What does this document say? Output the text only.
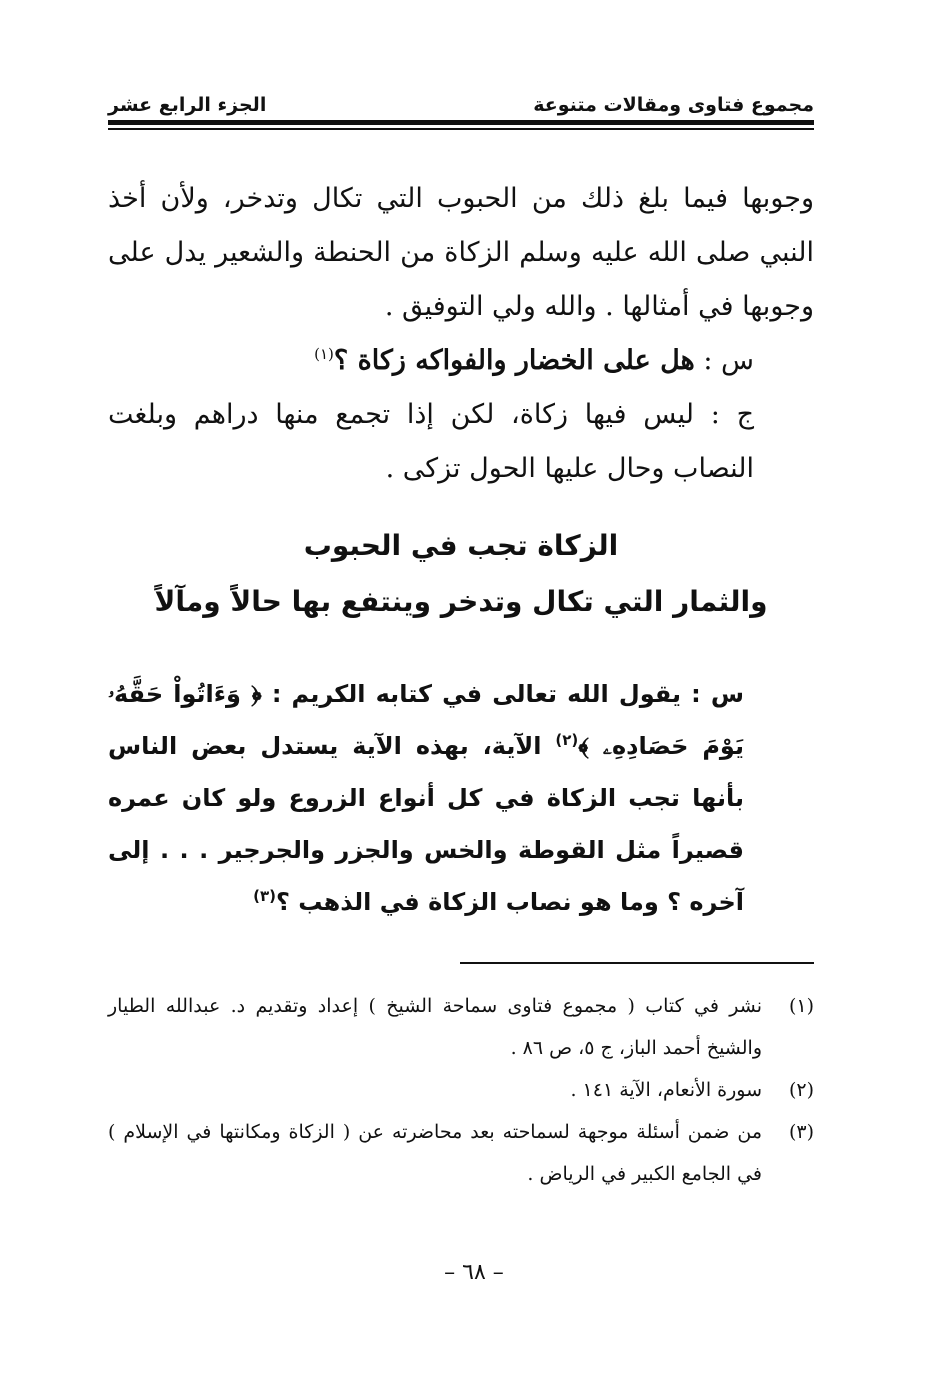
الجزء الرابع عشر	مجموع فتاوى ومقالات متنوعة

وجوبها فيما بلغ ذلك من الحبوب التي تكال وتدخر، ولأن أخذ النبي صلى الله عليه وسلم الزكاة من الحنطة والشعير يدل على وجوبها في أمثالها . والله ولي التوفيق .

س : هل على الخضار والفواكه زكاة ؟$^{(١)}$

ج : ليس فيها زكاة، لكن إذا تجمع منها دراهم وبلغت النصاب وحال عليها الحول تزكى .

الزكاة تجب في الحبوب
والثمار التي تكال وتدخر وينتفع بها حالاً ومآلاً

س : يقول الله تعالى في كتابه الكريم : ﴿ وَءَاتُواْ حَقَّهُۥ يَوْمَ حَصَادِهِۦ ﴾$^{(٢)}$ الآية، بهذه الآية يستدل بعض الناس بأنها تجب الزكاة في كل أنواع الزروع ولو كان عمره قصيراً مثل القوطة والخس والجزر والجرجير . . . إلى آخره ؟ وما هو نصاب الزكاة في الذهب ؟$^{(٣)}$

(١)
نشر في كتاب ( مجموع فتاوى سماحة الشيخ ) إعداد وتقديم د. عبدالله الطيار والشيخ أحمد الباز، ج ٥، ص ٨٦ .

(٢)
سورة الأنعام، الآية ١٤١ .

(٣)
من ضمن أسئلة موجهة لسماحته بعد محاضرته عن ( الزكاة ومكانتها في الإسلام ) في الجامع الكبير في الرياض .

– ٦٨ –
